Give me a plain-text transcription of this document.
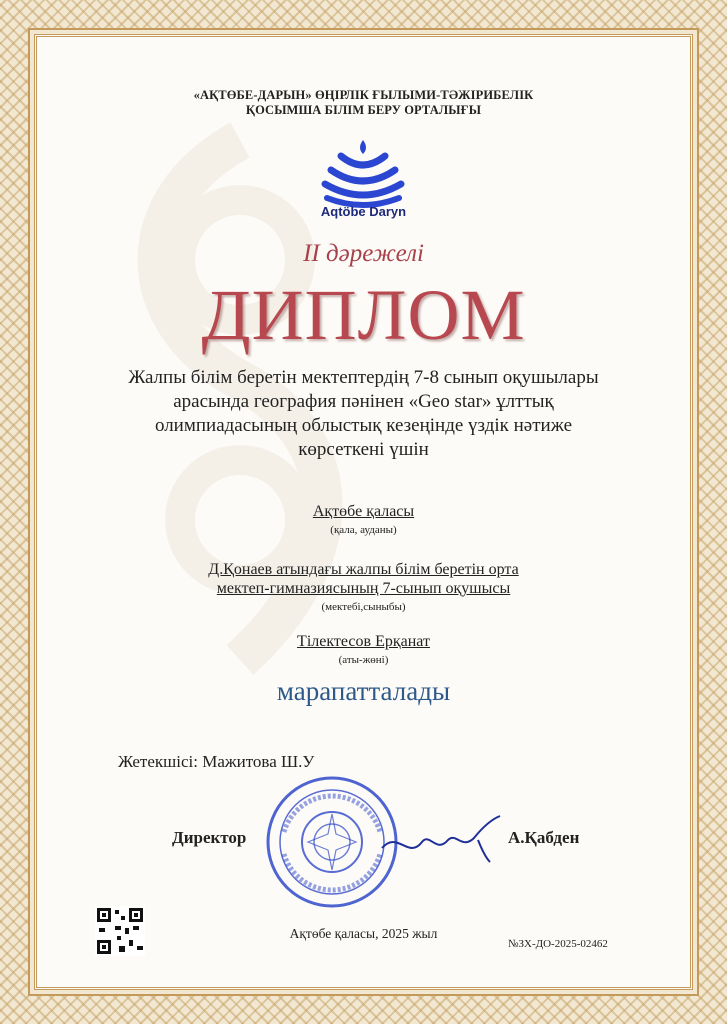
«АҚТӨБЕ-ДАРЫН» ӨҢІРЛІК ҒЫЛЫМИ-ТӘЖІРИБЕЛІК
ҚОСЫМША БІЛІМ БЕРУ ОРТАЛЫҒЫ
Aqtöbe Daryn
II дәрежелі
ДИПЛОМ
Жалпы білім беретін мектептердің 7-8 сынып оқушылары
арасында география пәнінен «Geo star» ұлттық
олимпиадасының облыстық кезеңінде үздік нәтиже
көрсеткені үшін
Ақтөбе қаласы
(қала, ауданы)
Д.Қонаев атындағы жалпы білім беретін орта
мектеп-гимназиясының 7-сынып оқушысы
(мектебі,сыныбы)
Тілектесов Ерқанат
(аты-жөні)
марапатталады
Жетекшісі: Мажитова Ш.У
Директор	А.Қабден
Ақтөбе қаласы, 2025 жыл
№ЗХ-ДО-2025-02462
